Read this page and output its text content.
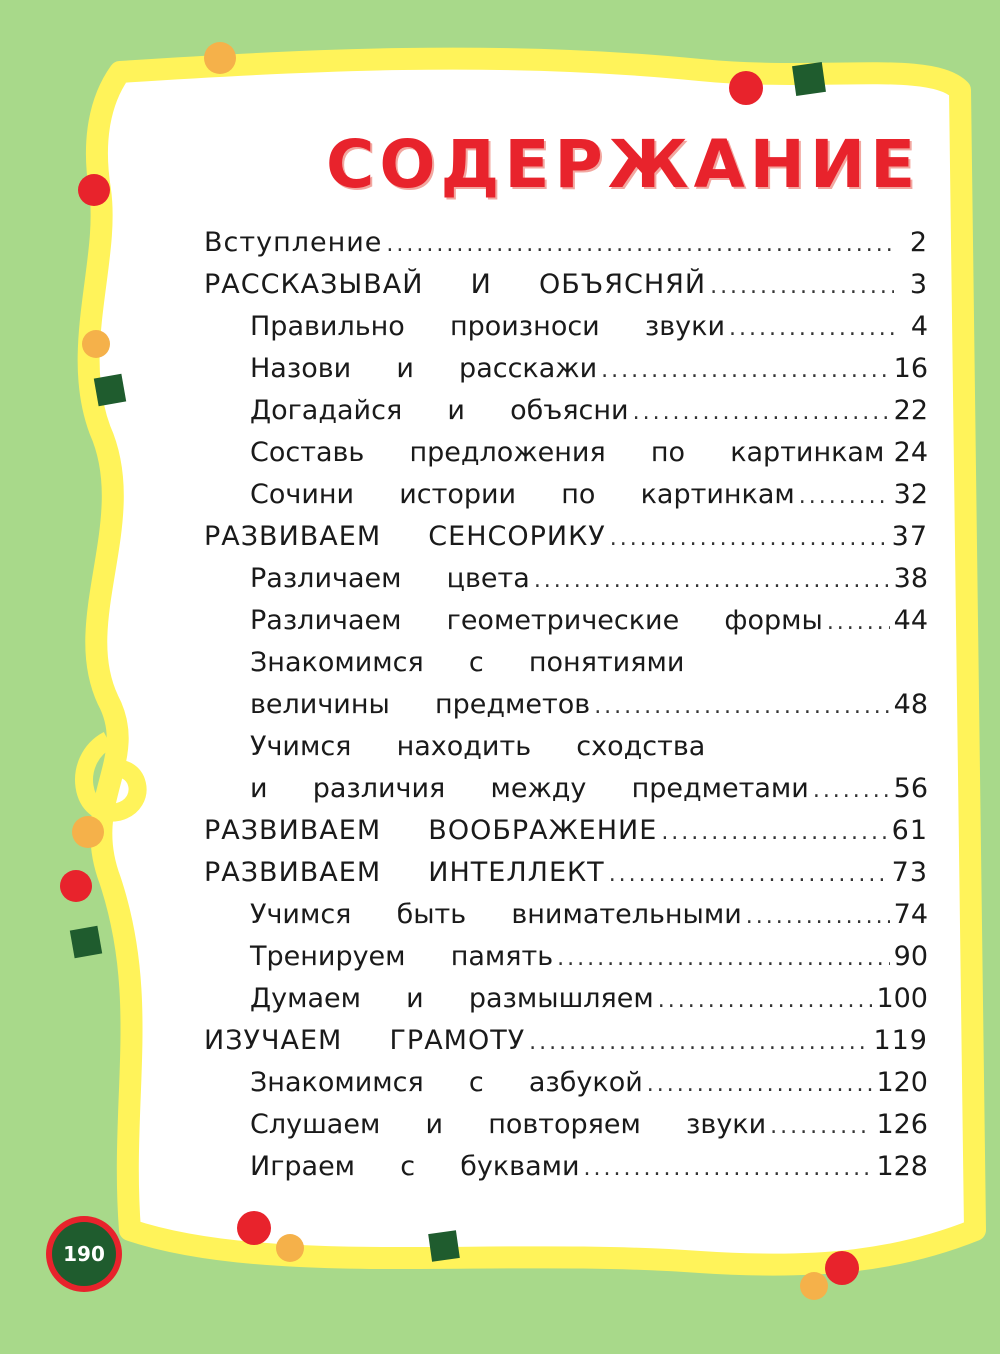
СОДЕРЖАНИЕ
Вступление . . .	2
РАССКАЗЫВАЙ  И  ОБЪЯСНЯЙ . . .	3
Правильно  произноси  звуки . . .	4
Назови  и  расскажи . . .	16
Догадайся  и  объясни . . .	22
Составь  предложения  по  картинкам . . . 24
Сочини  истории  по  картинкам . . .	32
РАЗВИВАЕМ  СЕНСОРИКУ . . .	37
Различаем  цвета . . .	38
Различаем  геометрические  формы . . .	44
Знакомимся  с  понятиями
величины  предметов . . .	48
Учимся  находить  сходства
и  различия  между  предметами . . .	56
РАЗВИВАЕМ  ВООБРАЖЕНИЕ . . .	61
РАЗВИВАЕМ  ИНТЕЛЛЕКТ . . .	73
Учимся  быть  внимательными . . .	74
Тренируем  память . . .	90
Думаем  и  размышляем . . .	100
ИЗУЧАЕМ  ГРАМОТУ . . .	119
Знакомимся  с  азбукой . . .	120
Слушаем  и  повторяем  звуки . . .	126
Играем  с  буквами . . .	128
190
